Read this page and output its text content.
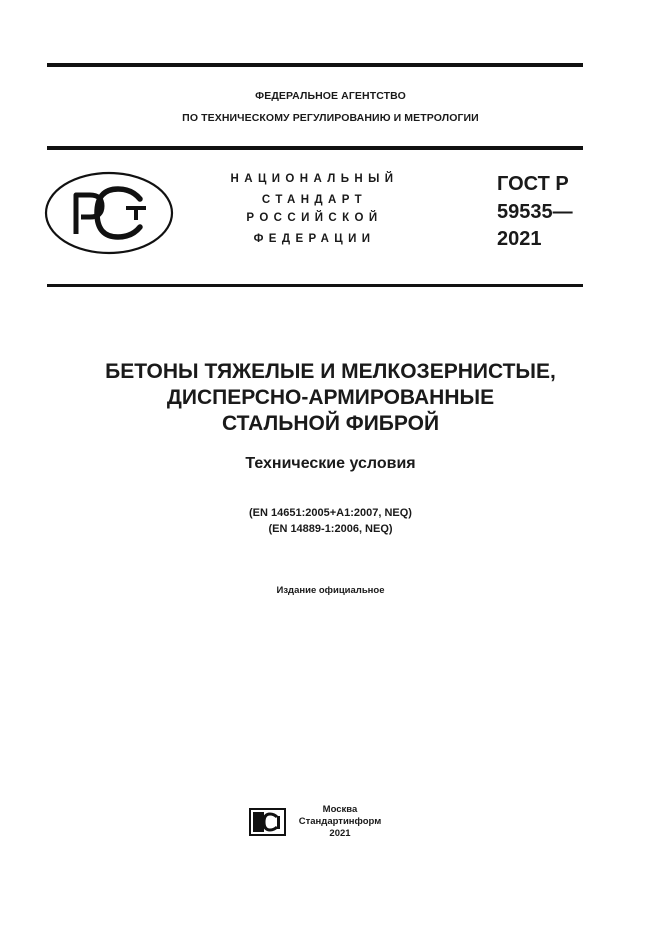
ФЕДЕРАЛЬНОЕ АГЕНТСТВО
ПО ТЕХНИЧЕСКОМУ РЕГУЛИРОВАНИЮ И МЕТРОЛОГИИ
НАЦИОНАЛЬНЫЙ
СТАНДАРТ
РОССИЙСКОЙ
ФЕДЕРАЦИИ
ГОСТ Р
59535—
2021
БЕТОНЫ ТЯЖЕЛЫЕ И МЕЛКОЗЕРНИСТЫЕ,
ДИСПЕРСНО-АРМИРОВАННЫЕ
СТАЛЬНОЙ ФИБРОЙ
Технические условия
(EN 14651:2005+A1:2007, NEQ)
(EN 14889-1:2006, NEQ)
Издание официальное
Москва
Стандартинформ
2021
